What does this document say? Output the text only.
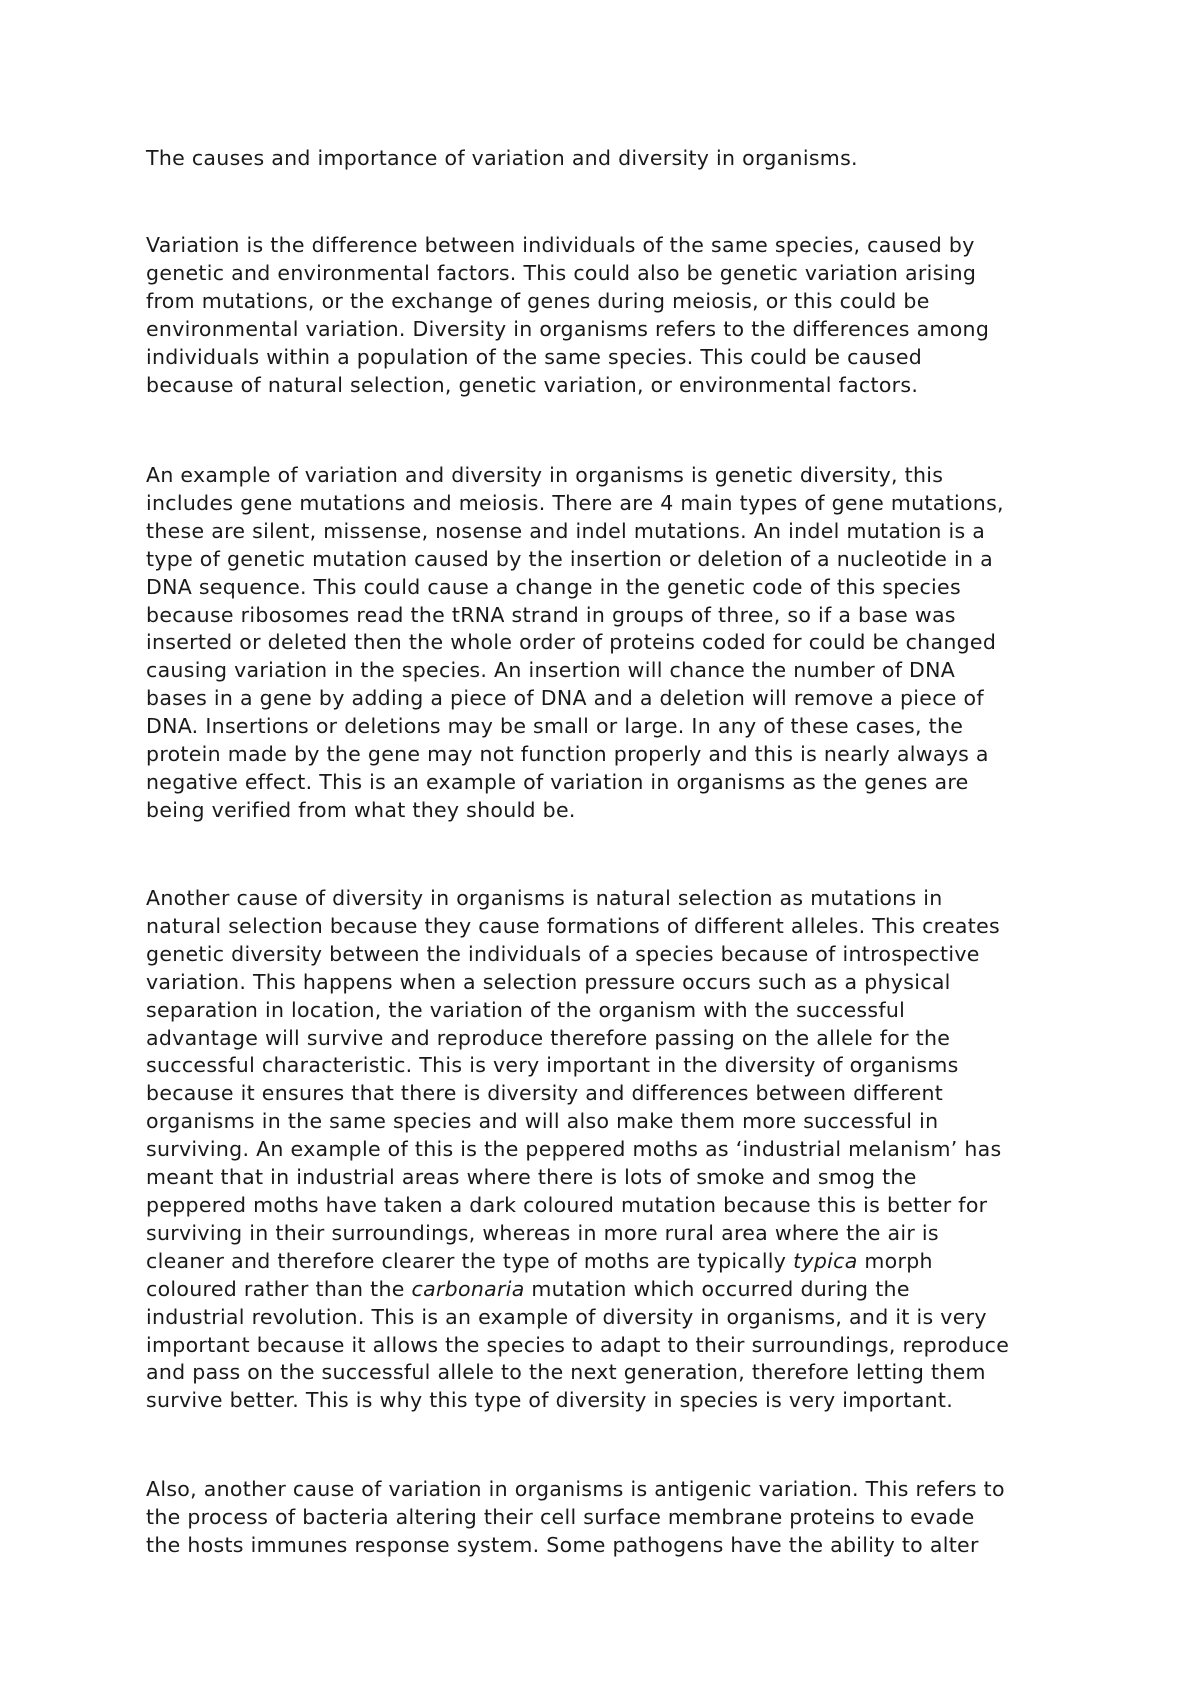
The causes and importance of variation and diversity in organisms.

Variation is the difference between individuals of the same species, caused by
genetic and environmental factors. This could also be genetic variation arising
from mutations, or the exchange of genes during meiosis, or this could be
environmental variation. Diversity in organisms refers to the differences among
individuals within a population of the same species. This could be caused
because of natural selection, genetic variation, or environmental factors.

An example of variation and diversity in organisms is genetic diversity, this
includes gene mutations and meiosis. There are 4 main types of gene mutations,
these are silent, missense, nosense and indel mutations. An indel mutation is a
type of genetic mutation caused by the insertion or deletion of a nucleotide in a
DNA sequence. This could cause a change in the genetic code of this species
because ribosomes read the tRNA strand in groups of three, so if a base was
inserted or deleted then the whole order of proteins coded for could be changed
causing variation in the species. An insertion will chance the number of DNA
bases in a gene by adding a piece of DNA and a deletion will remove a piece of
DNA. Insertions or deletions may be small or large. In any of these cases, the
protein made by the gene may not function properly and this is nearly always a
negative effect. This is an example of variation in organisms as the genes are
being verified from what they should be.

Another cause of diversity in organisms is natural selection as mutations in
natural selection because they cause formations of different alleles. This creates
genetic diversity between the individuals of a species because of introspective
variation. This happens when a selection pressure occurs such as a physical
separation in location, the variation of the organism with the successful
advantage will survive and reproduce therefore passing on the allele for the
successful characteristic. This is very important in the diversity of organisms
because it ensures that there is diversity and differences between different
organisms in the same species and will also make them more successful in
surviving. An example of this is the peppered moths as ‘industrial melanism’ has
meant that in industrial areas where there is lots of smoke and smog the
peppered moths have taken a dark coloured mutation because this is better for
surviving in their surroundings, whereas in more rural area where the air is
cleaner and therefore clearer the type of moths are typically typica morph
coloured rather than the carbonaria mutation which occurred during the
industrial revolution. This is an example of diversity in organisms, and it is very
important because it allows the species to adapt to their surroundings, reproduce
and pass on the successful allele to the next generation, therefore letting them
survive better. This is why this type of diversity in species is very important.

Also, another cause of variation in organisms is antigenic variation. This refers to
the process of bacteria altering their cell surface membrane proteins to evade
the hosts immunes response system. Some pathogens have the ability to alter
